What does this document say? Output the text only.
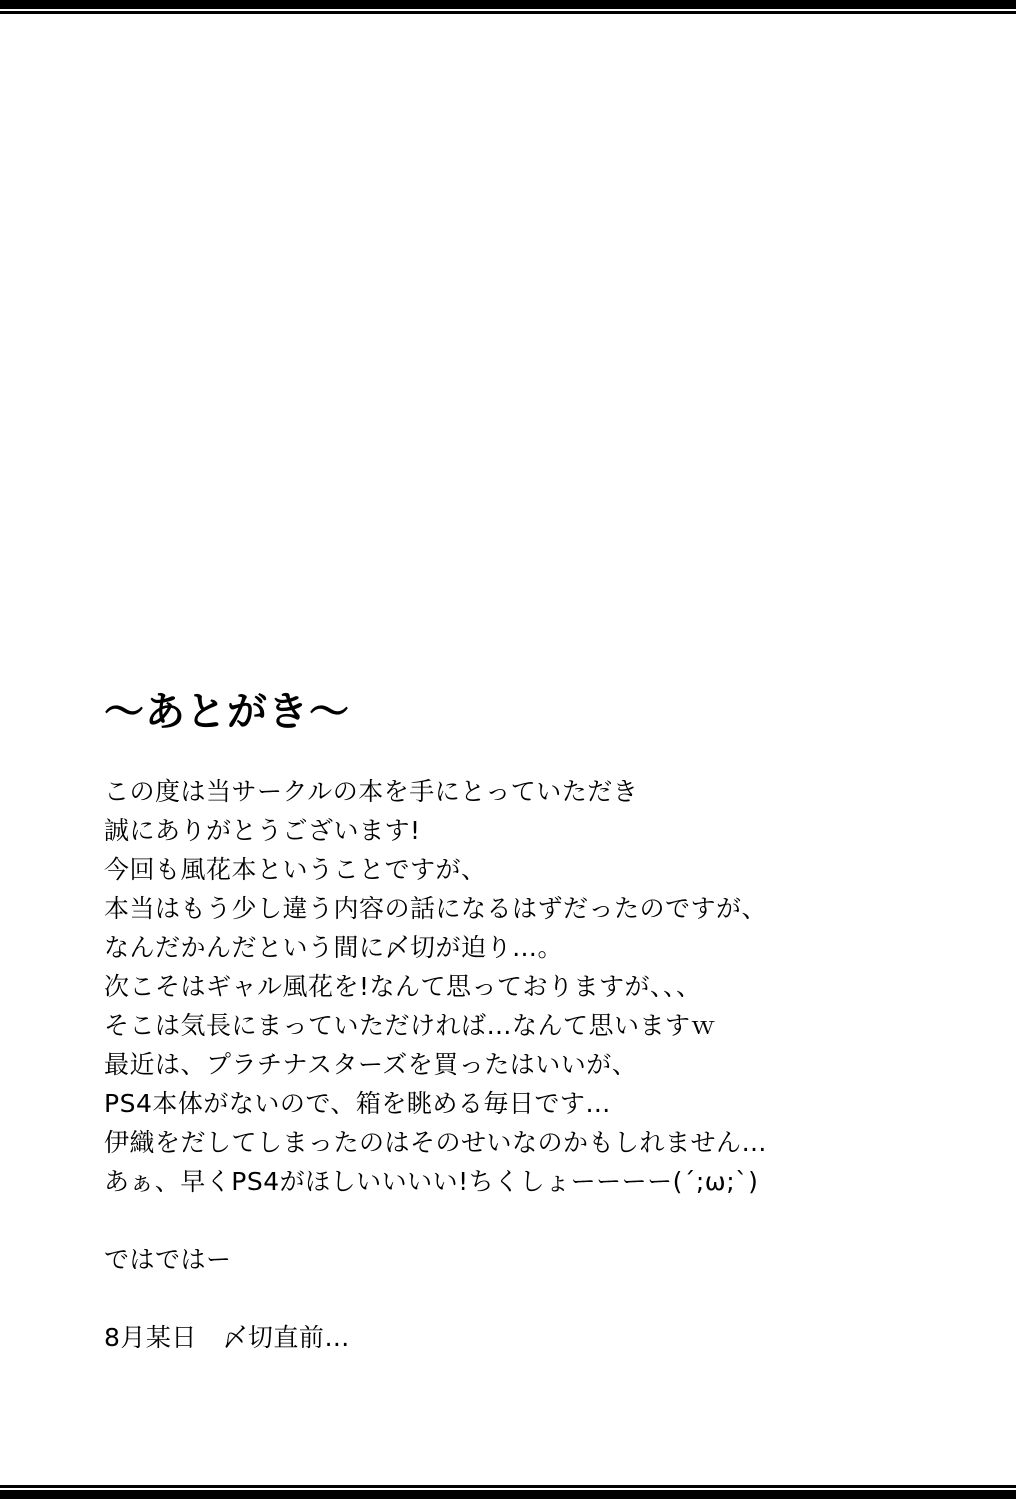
〜あとがき〜
この度は当サークルの本を手にとっていただき
誠にありがとうございます!
今回も風花本ということですが、
本当はもう少し違う内容の話になるはずだったのですが、
なんだかんだという間に〆切が迫り…。
次こそはギャル風花を!なんて思っておりますが、、、
そこは気長にまっていただければ…なんて思いますｗ
最近は、プラチナスターズを買ったはいいが、
PS4本体がないので、箱を眺める毎日です…
伊織をだしてしまったのはそのせいなのかもしれません…
あぁ、早くPS4がほしいいいい!ちくしょーーーー(´;ω;`)
ではではー
8月某日　〆切直前…
